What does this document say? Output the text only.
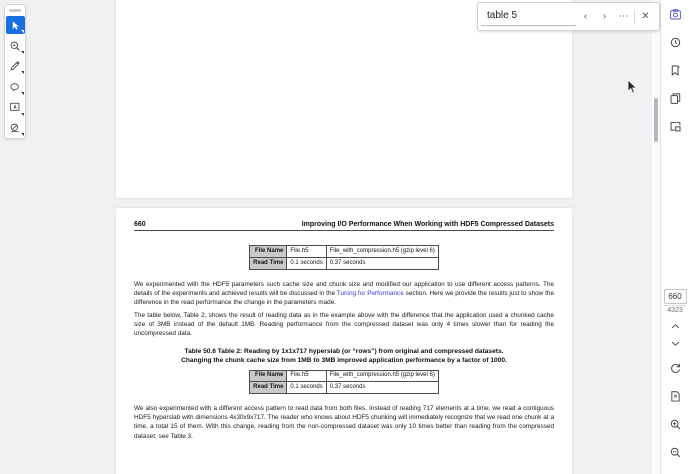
660	Improving I/O Performance When Working with HDF5 Compressed Datasets
File Name	File.h5	File_with_compression.h5 (gzip level 6)
Read Time	0.1 seconds	0.37 seconds

We experimented with the HDF5 parameters such cache size and chunk size and modified our application to use different access patterns. The details of the experiments and achieved results will be discussed in the Tuning for Performance section. Here we provide the results just to show the difference in the read performance the change in the parameters made.

The table below, Table 2, shows the result of reading data as in the example above with the difference that the application used a chunked cache size of 3MB instead of the default 1MB. Reading performance from the compressed dataset was only 4 times slower than for reading the uncompressed data.

Table 50.6 Table 2: Reading by 1x1x717 hyperslab (or “rows”) from original and compressed datasets.
Changing the chunk cache size from 1MB to 3MB improved application performance by a factor of 1000.
File Name	File.h5	File_with_compression.h5 (gzip level 6)
Read Time	0.1 seconds	0.37 seconds

We also experimented with a different access pattern to read data from both files. Instead of reading 717 elements at a time, we read a contiguous HDF5 hyperslab with dimensions 4x30x9x717. The reader who knows about HDF5 chunking will immediately recognize that we read one chunk at a time, a total 15 of them. With this change, reading from the non-compressed dataset was only 10 times better than reading from the compressed dataset; see Table 3.

table 5
‹	›	⋯	✕
660
4323
